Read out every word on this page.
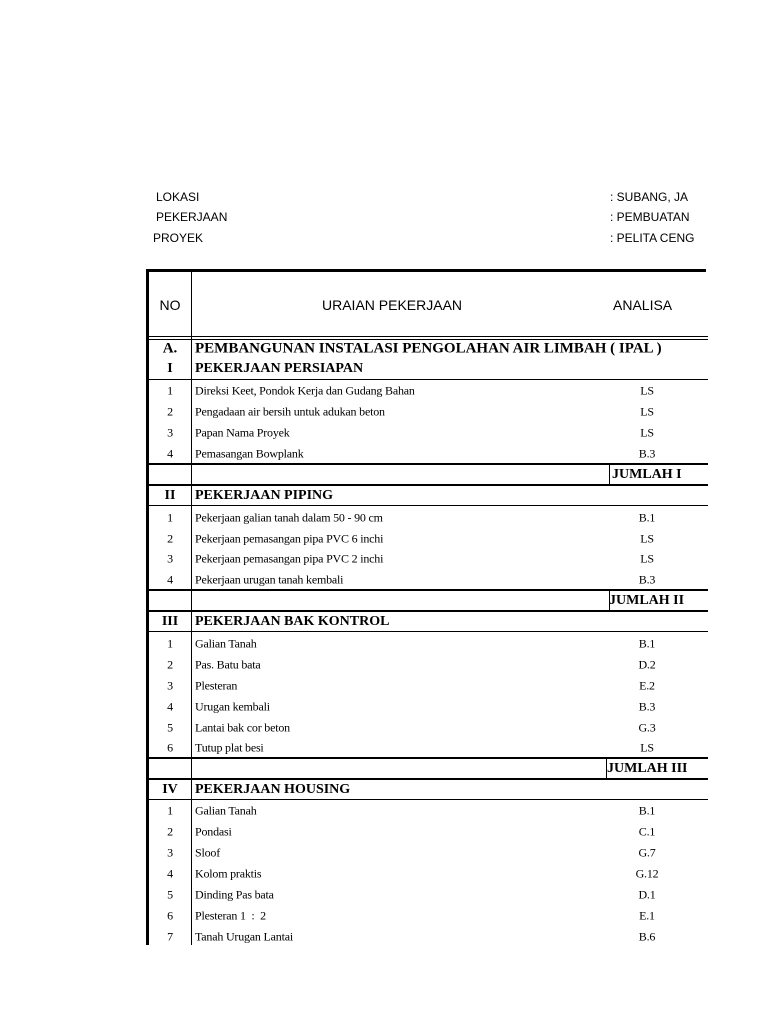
LOKASI	: SUBANG, JA
PEKERJAAN	: PEMBUATAN
PROYEK	: PELITA CENG
NO	URAIAN PEKERJAAN	ANALISA
A.	PEMBANGUNAN INSTALASI PENGOLAHAN AIR LIMBAH ( IPAL )
I	PEKERJAAN PERSIAPAN
1	Direksi Keet, Pondok Kerja dan Gudang Bahan	LS
2	Pengadaan air bersih untuk adukan beton	LS
3	Papan Nama Proyek	LS
4	Pemasangan Bowplank	B.3
JUMLAH I
II	PEKERJAAN PIPING
1	Pekerjaan galian tanah dalam 50 - 90 cm	B.1
2	Pekerjaan pemasangan pipa PVC 6 inchi	LS
3	Pekerjaan pemasangan pipa PVC 2 inchi	LS
4	Pekerjaan urugan tanah kembali	B.3
JUMLAH II
III	PEKERJAAN BAK KONTROL
1	Galian Tanah	B.1
2	Pas. Batu bata	D.2
3	Plesteran	E.2
4	Urugan kembali	B.3
5	Lantai bak cor beton	G.3
6	Tutup plat besi	LS
JUMLAH III
IV	PEKERJAAN HOUSING
1	Galian Tanah	B.1
2	Pondasi	C.1
3	Sloof	G.7
4	Kolom praktis	G.12
5	Dinding Pas bata	D.1
6	Plesteran 1  :  2	E.1
7	Tanah Urugan Lantai	B.6
